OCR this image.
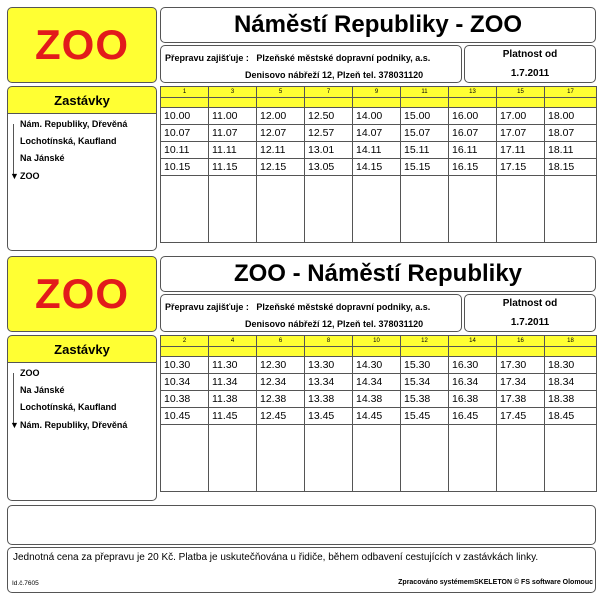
ZOO	Náměstí Republiky - ZOO
Přepravu zajišťuje : Plzeňské městské dopravní podniky, a.s.
Denisovo nábřeží 12, Plzeň tel. 378031120
Platnost od
1.7.2011
Zastávky
▼
Nám. Republiky, Dřevěná
Lochotínská, Kaufland
Na Jánské
ZOO
1	3	5	7	9	11	13	15	17

10.00	11.00	12.00	12.50	14.00	15.00	16.00	17.00	18.00
10.07	11.07	12.07	12.57	14.07	15.07	16.07	17.07	18.07
10.11	11.11	12.11	13.01	14.11	15.11	16.11	17.11	18.11
10.15	11.15	12.15	13.05	14.15	15.15	16.15	17.15	18.15

ZOO	ZOO - Náměstí Republiky
Přepravu zajišťuje : Plzeňské městské dopravní podniky, a.s.
Denisovo nábřeží 12, Plzeň tel. 378031120
Platnost od
1.7.2011
Zastávky
▼
ZOO
Na Jánské
Lochotínská, Kaufland
Nám. Republiky, Dřevěná
2	4	6	8	10	12	14	16	18

10.30	11.30	12.30	13.30	14.30	15.30	16.30	17.30	18.30
10.34	11.34	12.34	13.34	14.34	15.34	16.34	17.34	18.34
10.38	11.38	12.38	13.38	14.38	15.38	16.38	17.38	18.38
10.45	11.45	12.45	13.45	14.45	15.45	16.45	17.45	18.45

Jednotná cena za přepravu je 20 Kč. Platba je uskutečňována u řidiče, během odbavení cestujících v zastávkách linky.
Id.č.7605	Zpracováno systémemSKELETON © FS software Olomouc
